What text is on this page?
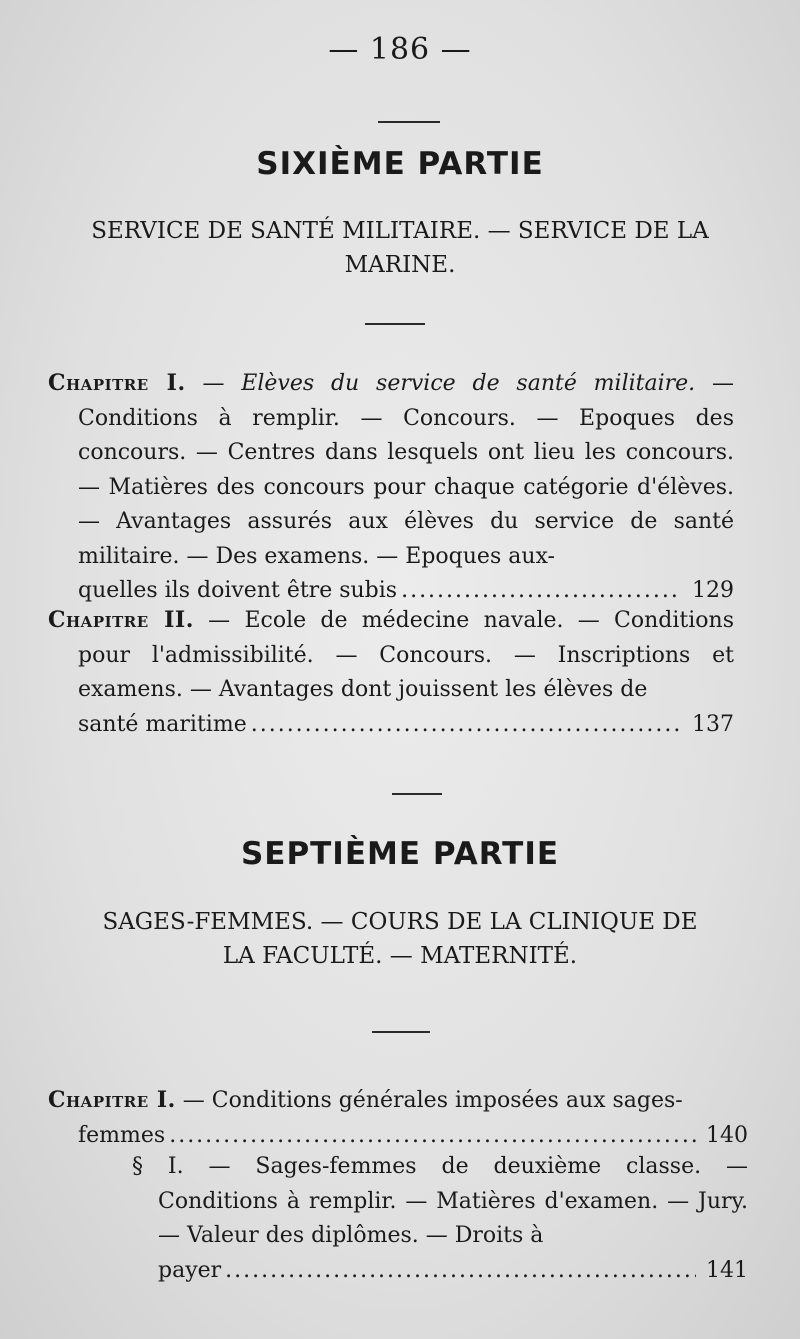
— 186 —
SIXIÈME PARTIE
SERVICE DE SANTÉ MILITAIRE. — SERVICE DE LA MARINE.

Chapitre I. — Elèves du service de santé militaire. — Conditions à remplir. — Concours. — Epoques des concours. — Centres dans lesquels ont lieu les concours. — Matières des concours pour chaque catégorie d'élèves. — Avantages assurés aux élèves du service de santé militaire. — Des examens. — Epoques aux-

quelles ils doivent être subis .....	129

Chapitre II. — Ecole de médecine navale. — Conditions pour l'admissibilité. — Concours. — Inscriptions et examens. — Avantages dont jouissent les élèves de

santé maritime .....	137
SEPTIÈME PARTIE
SAGES-FEMMES. — COURS DE LA CLINIQUE DE LA FACULTÉ. — MATERNITÉ.

Chapitre I. — Conditions générales imposées aux sages-

femmes .....	140

§ I. — Sages-femmes de deuxième classe. — Conditions à remplir. — Matières d'examen. — Jury. — Valeur des diplômes. — Droits à

payer .....	141
